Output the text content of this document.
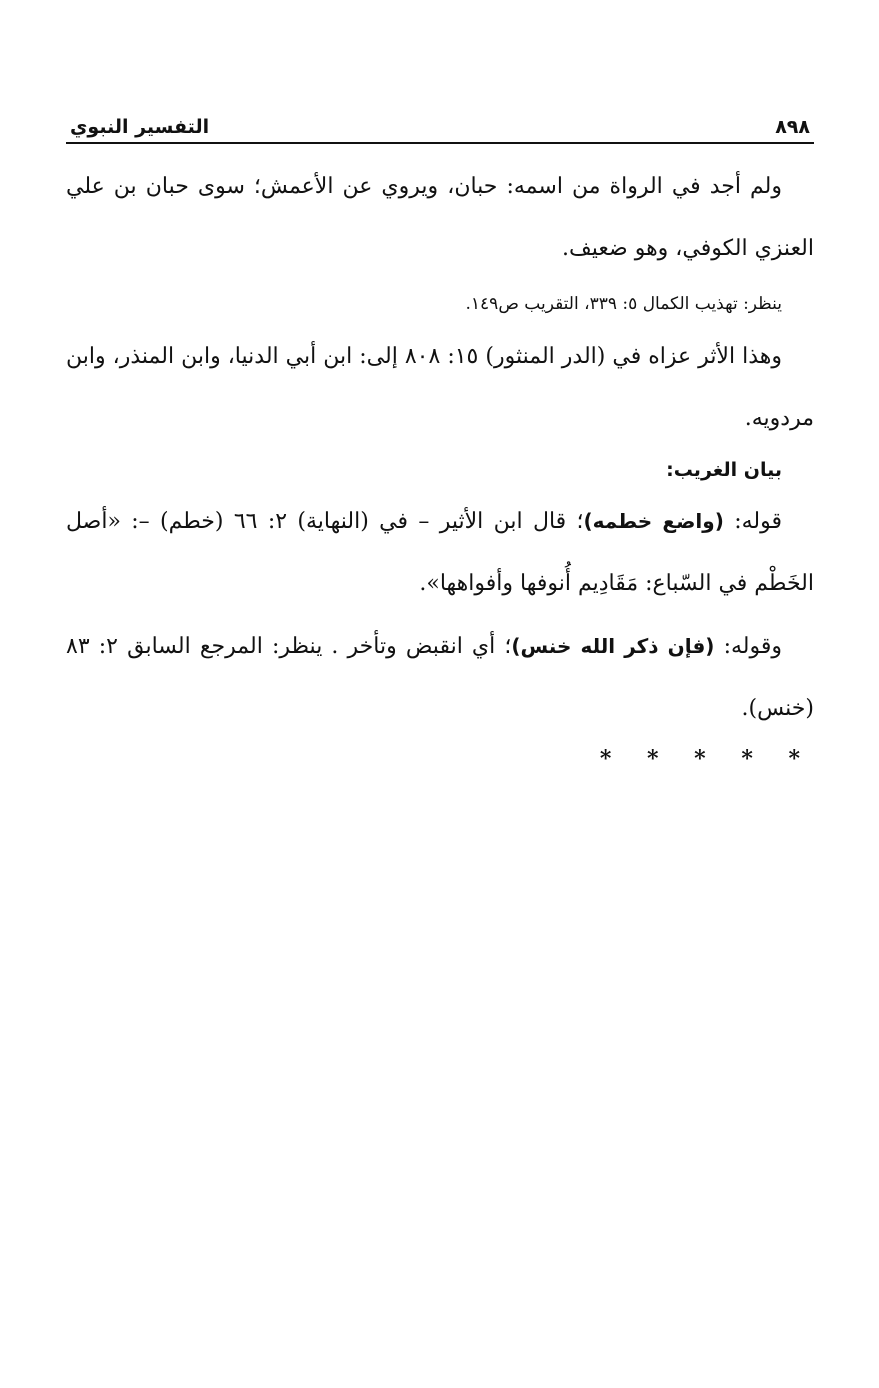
٨٩٨
التفسير النبوي

ولم أجد في الرواة من اسمه: حبان، ويروي عن الأعمش؛ سوى حبان بن علي العنزي الكوفي، وهو ضعيف.

ينظر: تهذيب الكمال ٥: ٣٣٩، التقريب ص١٤٩.

وهذا الأثر عزاه في (الدر المنثور) ١٥: ٨٠٨ إلى: ابن أبي الدنيا، وابن المنذر، وابن مردويه.

بيان الغريب:

قوله: (واضع خطمه)؛ قال ابن الأثير – في (النهاية) ٢: ٦٦ (خطم) –: «أصل الخَطْم في السّباع: مَقَادِيم أُنوفها وأفواهها».

وقوله: (فإن ذكر الله خنس)؛ أي انقبض وتأخر . ينظر: المرجع السابق ٢: ٨٣ (خنس).

* * * * *
